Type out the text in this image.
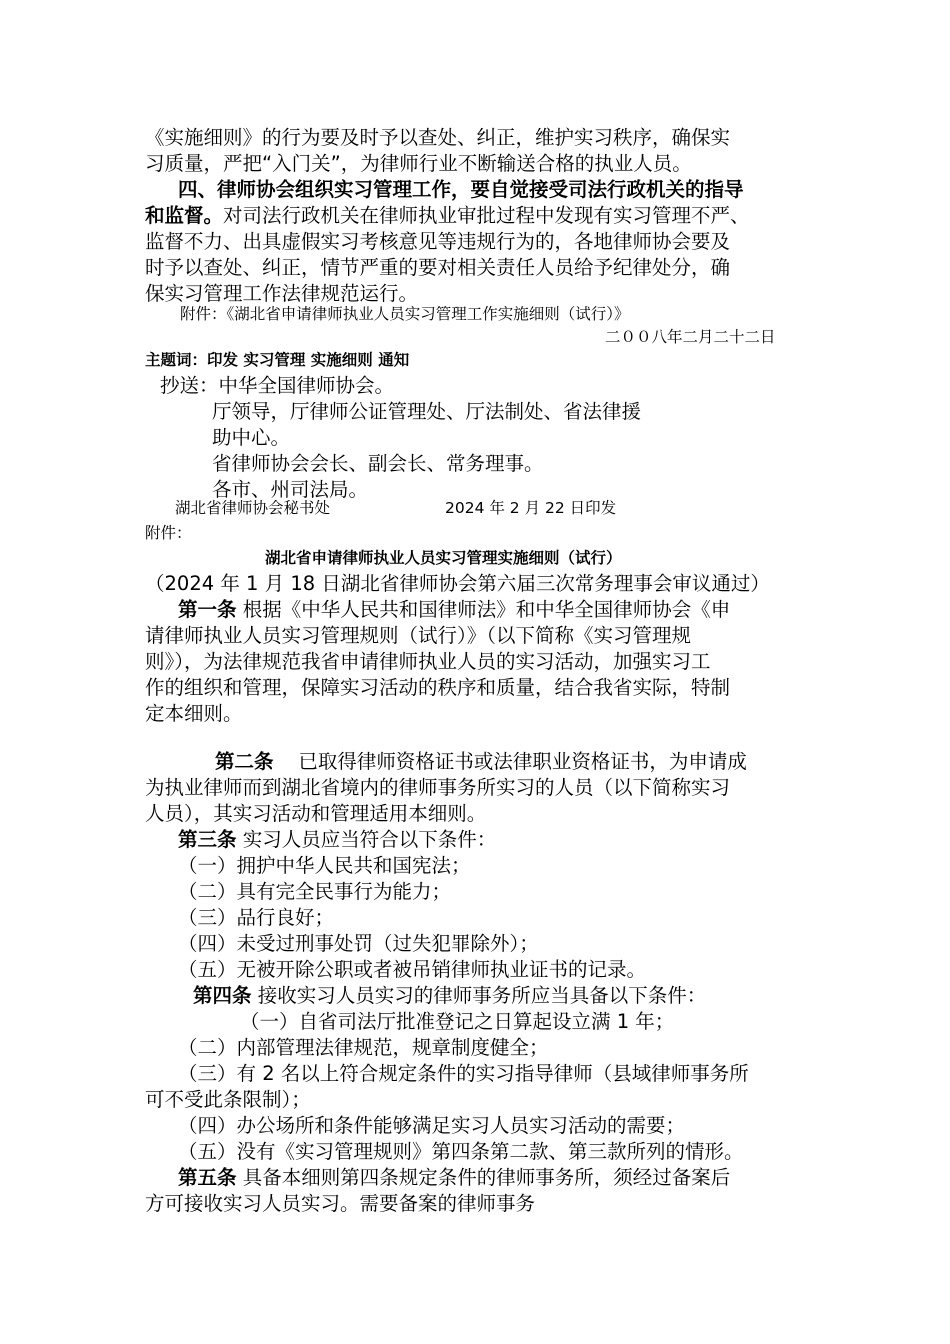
《实施细则》的行为要及时予以查处、纠正，维护实习秩序，确保实
习质量，严把“入门关”，为律师行业不断输送合格的执业人员。
四、律师协会组织实习管理工作，要自觉接受司法行政机关的指导
和监督。对司法行政机关在律师执业审批过程中发现有实习管理不严、
监督不力、出具虚假实习考核意见等违规行为的，各地律师协会要及
时予以查处、纠正，情节严重的要对相关责任人员给予纪律处分，确
保实习管理工作法律规范运行。
附件：《湖北省申请律师执业人员实习管理工作实施细则（试行）》
二００八年二月二十二日
主题词：印发 实习管理 实施细则 通知
抄送：中华全国律师协会。
厅领导，厅律师公证管理处、厅法制处、省法律援
助中心。
省律师协会会长、副会长、常务理事。
各市、州司法局。
湖北省律师协会秘书处	2024 年 2 月 22 日印发
附件：
湖北省申请律师执业人员实习管理实施细则（试行）
（2024 年 1 月 18 日湖北省律师协会第六届三次常务理事会审议通过）
第一条 根据《中华人民共和国律师法》和中华全国律师协会《申
请律师执业人员实习管理规则（试行）》（以下简称《实习管理规
则》），为法律规范我省申请律师执业人员的实习活动，加强实习工
作的组织和管理，保障实习活动的秩序和质量，结合我省实际，特制
定本细则。
第二条 已取得律师资格证书或法律职业资格证书，为申请成
为执业律师而到湖北省境内的律师事务所实习的人员（以下简称实习
人员），其实习活动和管理适用本细则。
第三条 实习人员应当符合以下条件：
（一）拥护中华人民共和国宪法；
（二）具有完全民事行为能力；
（三）品行良好；
（四）未受过刑事处罚（过失犯罪除外）；
（五）无被开除公职或者被吊销律师执业证书的记录。
第四条 接收实习人员实习的律师事务所应当具备以下条件：
（一）自省司法厅批准登记之日算起设立满 1 年；
（二）内部管理法律规范，规章制度健全；
（三）有 2 名以上符合规定条件的实习指导律师（县域律师事务所
可不受此条限制）；
（四）办公场所和条件能够满足实习人员实习活动的需要；
（五）没有《实习管理规则》第四条第二款、第三款所列的情形。
第五条 具备本细则第四条规定条件的律师事务所，须经过备案后
方可接收实习人员实习。需要备案的律师事务
